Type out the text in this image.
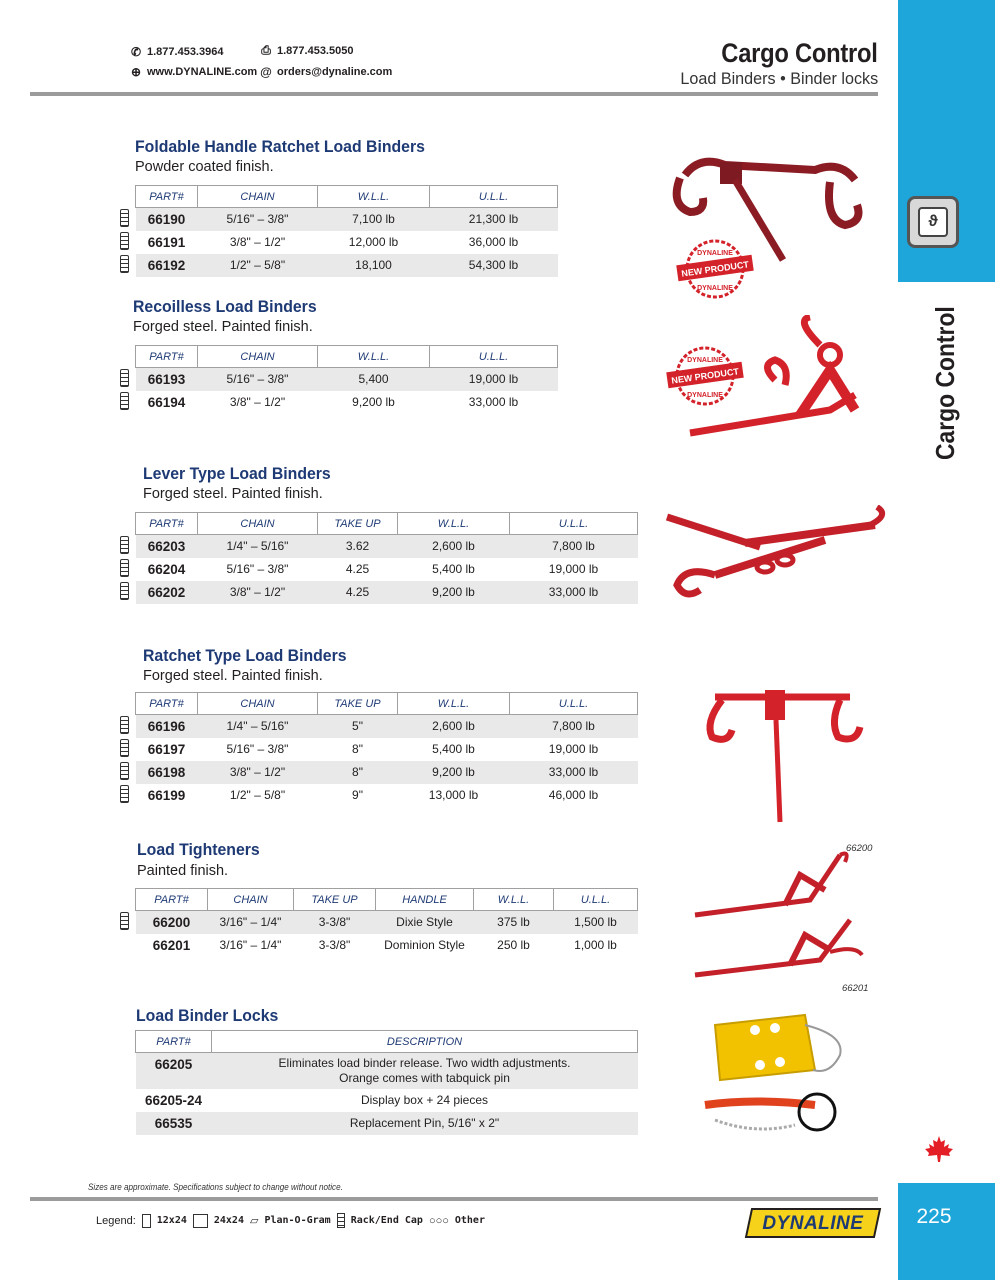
✆ 1.877.453.3964
⊕ www.DYNALINE.com
⎙ 1.877.453.5050
@ orders@dynaline.com
Cargo Control
Load Binders • Binder locks
ϑ
Cargo Control
225
Foldable Handle Ratchet Load Binders
Powder coated finish.
PART#	CHAIN	W.L.L.	U.L.L.
66190	5/16" – 3/8"	7,100 lb	21,300 lb
66191	3/8" – 1/2"	12,000 lb	36,000 lb
66192	1/2" – 5/8"	18,100	54,300 lb
Recoilless Load Binders
Forged steel. Painted finish.
PART#	CHAIN	W.L.L.	U.L.L.
66193	5/16" – 3/8"	5,400	19,000 lb
66194	3/8" – 1/2"	9,200 lb	33,000 lb
Lever Type Load Binders
Forged steel. Painted finish.
PART#	CHAIN	TAKE UP	W.L.L.	U.L.L.
66203	1/4" – 5/16"	3.62	2,600 lb	7,800 lb
66204	5/16" – 3/8"	4.25	5,400 lb	19,000 lb
66202	3/8" – 1/2"	4.25	9,200 lb	33,000 lb
Ratchet Type Load Binders
Forged steel. Painted finish.
PART#	CHAIN	TAKE UP	W.L.L.	U.L.L.
66196	1/4" – 5/16"	5"	2,600 lb	7,800 lb
66197	5/16" – 3/8"	8"	5,400 lb	19,000 lb
66198	3/8" – 1/2"	8"	9,200 lb	33,000 lb
66199	1/2" – 5/8"	9"	13,000 lb	46,000 lb
Load Tighteners
Painted finish.
PART#	CHAIN	TAKE UP	HANDLE	W.L.L.	U.L.L.
66200	3/16" – 1/4"	3-3/8"	Dixie Style	375 lb	1,500 lb
66201	3/16" – 1/4"	3-3/8"	Dominion Style	250 lb	1,000 lb
Load Binder Locks
PART#	DESCRIPTION
66205	Eliminates load binder release. Two width adjustments.
Orange comes with tabquick pin
66205-24	Display box + 24 pieces
66535	Replacement Pin, 5/16" x 2"
NEW PRODUCT
DYNALINE
DYNALINE
NEW PRODUCT
DYNALINE
DYNALINE
66200
66201
Sizes are approximate. Specifications subject to change without notice.
Legend: 12x24	24x24 ▱ Plan-O-Gram Rack/End Cap ○○○ Other	DYNALINE
